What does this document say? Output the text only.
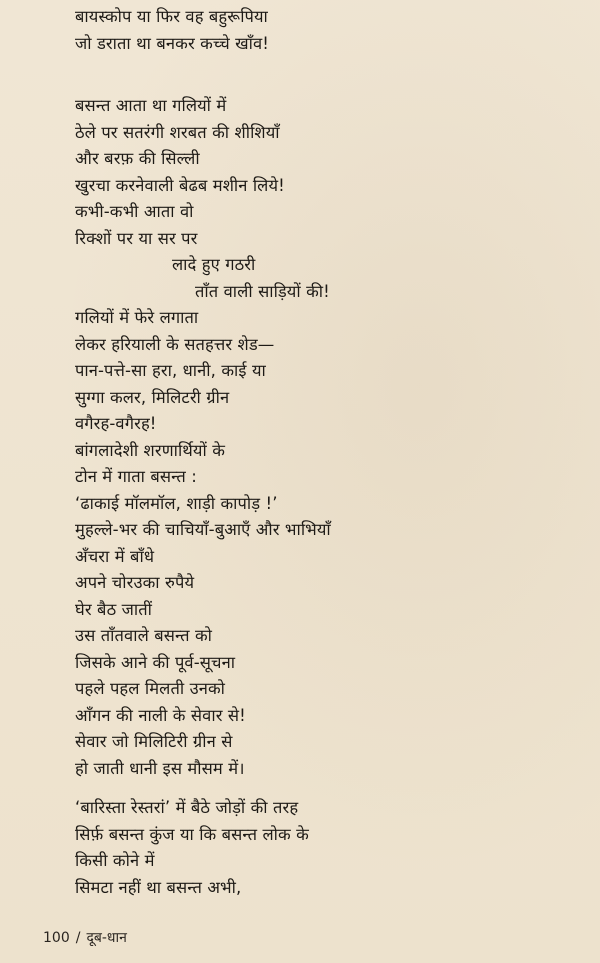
बायस्कोप या फिर वह बहुरूपिया
जो डराता था बनकर कच्चे खाँव!
बसन्त आता था गलियों में
ठेले पर सतरंगी शरबत की शीशियाँ
और बरफ़ की सिल्ली
खुरचा करनेवाली बेढब मशीन लिये!
कभी-कभी आता वो
रिक्शों पर या सर पर
लादे हुए गठरी
ताँत वाली साड़ियों की!
गलियों में फेरे लगाता
लेकर हरियाली के सतहत्तर शेड—
पान-पत्ते-सा हरा, धानी, काई या
सुग्गा कलर, मिलिटरी ग्रीन
वगैरह-वगैरह!
बांगलादेशी शरणार्थियों के
टोन में गाता बसन्त :
‘ढाकाई मॉलमॉल, शाड़ी कापोड़ !’
मुहल्ले-भर की चाचियाँ-बुआएँ और भाभियाँ
अँचरा में बाँधे
अपने चोरउका रुपैये
घेर बैठ जातीं
उस ताँतवाले बसन्त को
जिसके आने की पूर्व-सूचना
पहले पहल मिलती उनको
आँगन की नाली के सेवार से!
सेवार जो मिलिटिरी ग्रीन से
हो जाती धानी इस मौसम में।
‘बारिस्ता रेस्तरां’ में बैठे जोड़ों की तरह
सिर्फ़ बसन्त कुंज या कि बसन्त लोक के
किसी कोने में
सिमटा नहीं था बसन्त अभी,
100 / दूब-धान
